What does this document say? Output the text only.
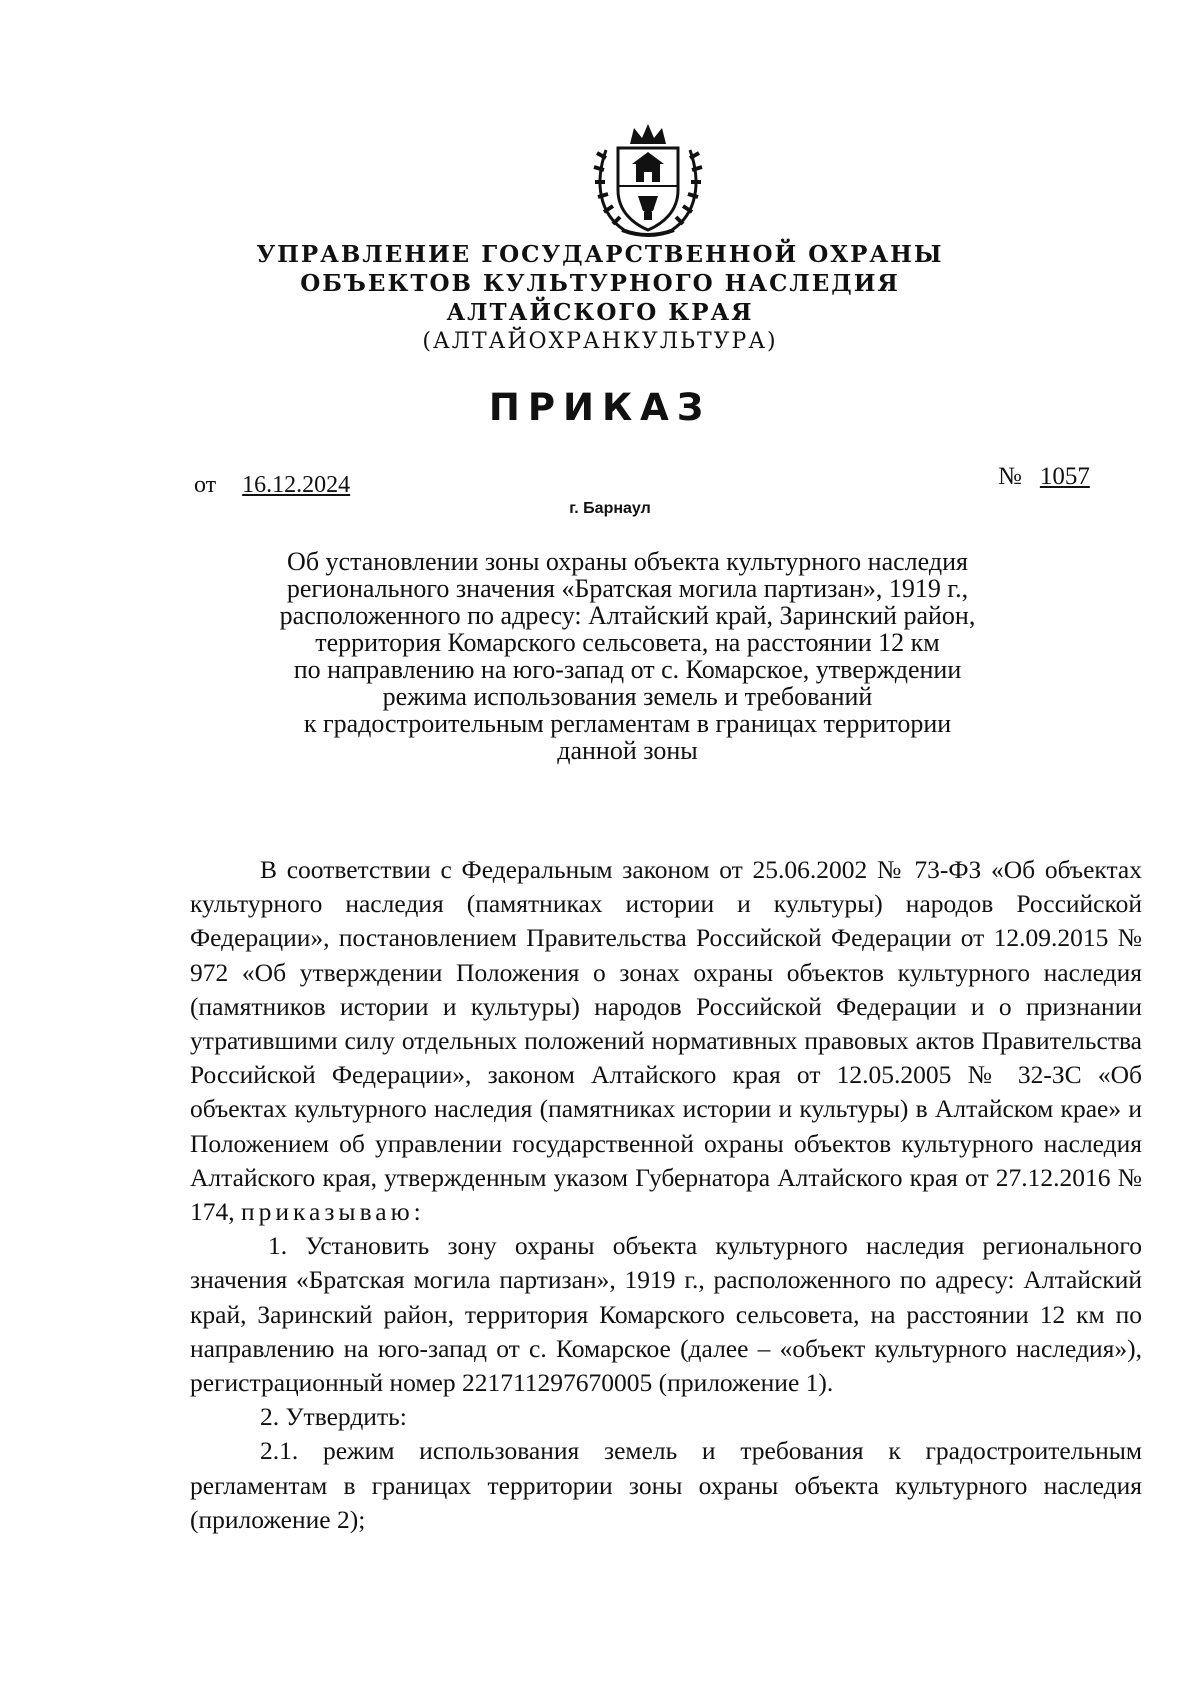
УПРАВЛЕНИЕ ГОСУДАРСТВЕННОЙ ОХРАНЫ
ОБЪЕКТОВ КУЛЬТУРНОГО НАСЛЕДИЯ
АЛТАЙСКОГО КРАЯ
(АЛТАЙОХРАНКУЛЬТУРА)
ПРИКАЗ
от 16.12.2024	№ 1057
г. Барнаул
Об установлении зоны охраны объекта культурного наследия
регионального значения «Братская могила партизан», 1919 г.,
расположенного по адресу: Алтайский край, Заринский район,
территория Комарского сельсовета, на расстоянии 12 км
по направлению на юго-запад от с. Комарское, утверждении
режима использования земель и требований
к градостроительным регламентам в границах территории
данной зоны

В соответствии с Федеральным законом от 25.06.2002 № 73-ФЗ «Об объектах культурного наследия (памятниках истории и культуры) народов Российской Федерации», постановлением Правительства Российской Федерации от 12.09.2015 № 972 «Об утверждении Положения о зонах охраны объектов культурного наследия (памятников истории и культуры) народов Российской Федерации и о признании утратившими силу отдельных положений нормативных правовых актов Правительства Российской Федерации», законом Алтайского края от 12.05.2005 № 32-ЗС «Об объектах культурного наследия (памятниках истории и культуры) в Алтайском крае» и Положением об управлении государственной охраны объектов культурного наследия Алтайского края, утвержденным указом Губернатора Алтайского края от 27.12.2016 № 174, приказываю:

1. Установить зону охраны объекта культурного наследия регионального значения «Братская могила партизан», 1919 г., расположенного по адресу: Алтайский край, Заринский район, территория Комарского сельсовета, на расстоянии 12 км по направлению на юго-запад от с. Комарское (далее – «объект культурного наследия»), регистрационный номер 221711297670005 (приложение 1).

2. Утвердить:

2.1. режим использования земель и требования к градостроительным регламентам в границах территории зоны охраны объекта культурного наследия (приложение 2);
